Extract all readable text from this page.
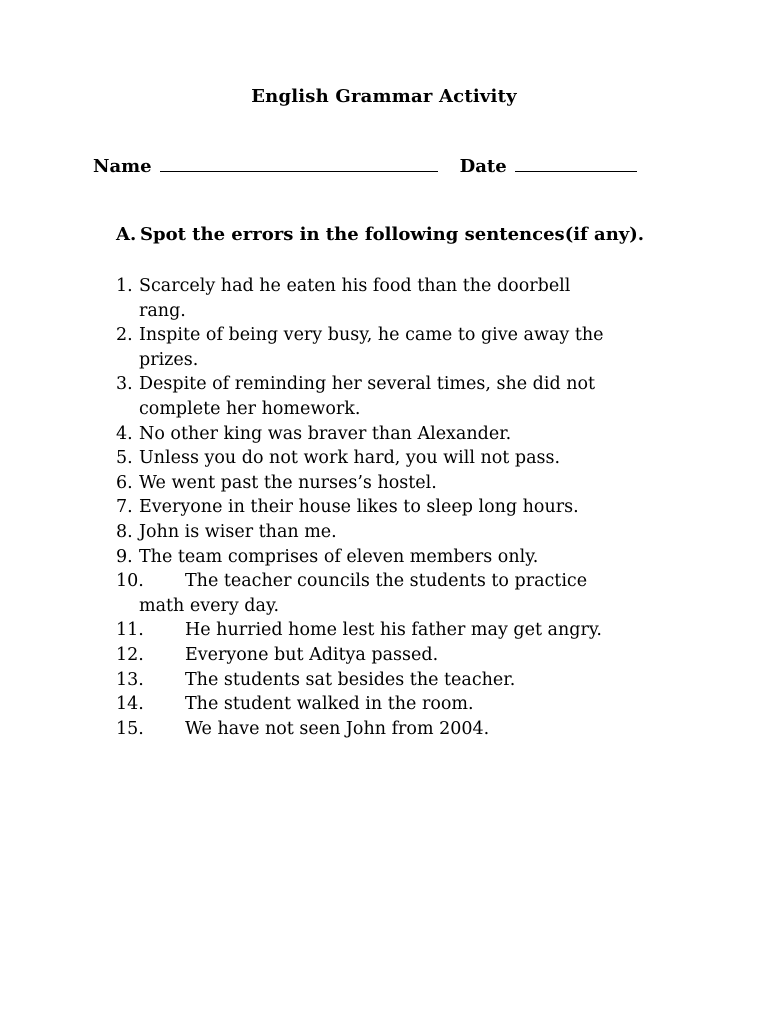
English Grammar Activity
Name	Date
A. Spot the errors in the following sentences(if any).
1. Scarcely had he eaten his food than the doorbell
rang.
2. Inspite of being very busy, he came to give away the
prizes.
3. Despite of reminding her several times, she did not
complete her homework.
4. No other king was braver than Alexander.
5. Unless you do not work hard, you will not pass.
6. We went past the nurses’s hostel.
7. Everyone in their house likes to sleep long hours.
8. John is wiser than me.
9. The team comprises of eleven members only.
10. The teacher councils the students to practice
math every day.
11. He hurried home lest his father may get angry.
12. Everyone but Aditya passed.
13. The students sat besides the teacher.
14. The student walked in the room.
15. We have not seen John from 2004.
